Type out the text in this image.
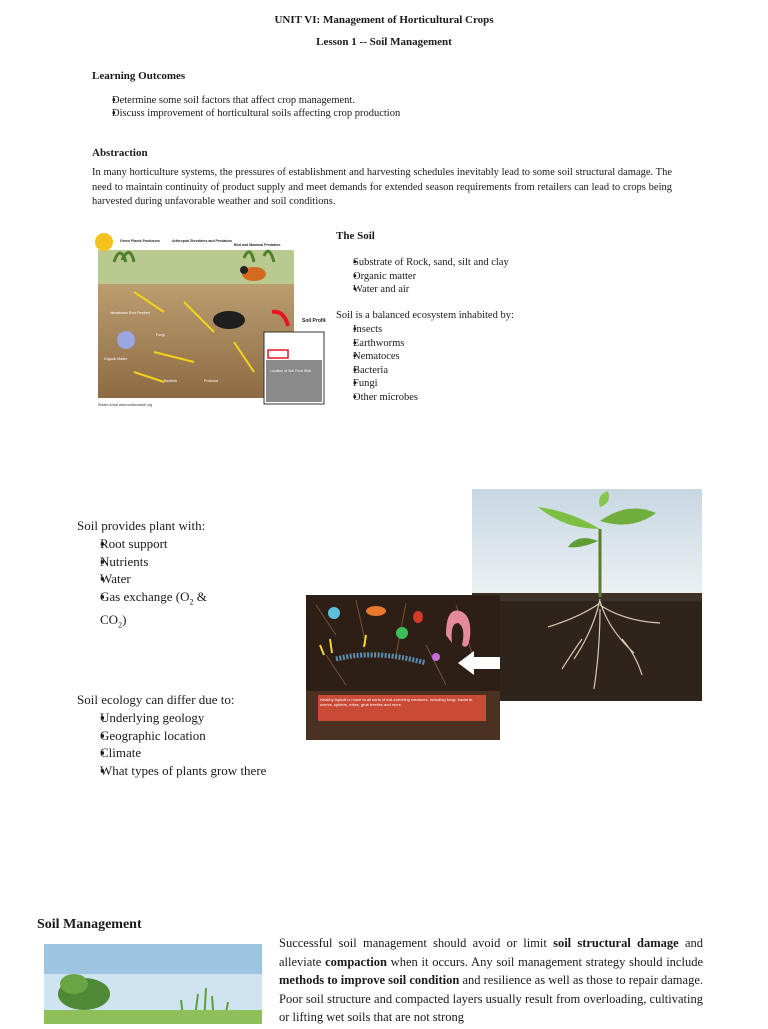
UNIT VI: Management of Horticultural Crops
Lesson 1 -- Soil Management
Learning Outcomes
▪ Determine some soil factors that affect crop management.
▪ Discuss improvement of horticultural soils affecting crop production
Abstraction
In many horticulture systems, the pressures of establishment and harvesting schedules inevitably lead to some soil structural damage. The need to maintain continuity of product supply and meet demands for extended season requirements from retailers can lead to crops being harvested during unfavorable weather and soil conditions.
Green Plants Producers	Arthropod Shredders and Predators
Bird and Mammal Predators
Soil Profile
Location of Soil Food Web
Nematodes Root Feeders
Fungi
Bacteria	Protozoa
Organic Matter
Robert Anval www.soilfoodweb.org
The Soil
▪ Substrate of Rock, sand, silt and clay
▪ Organic matter
▪ Water and air
Soil is a balanced ecosystem inhabited by:
▪ Insects
▪ Earthworms
▪ Nematoces
▪ Bacteria
▪ Fungi
▪ Other microbes
Soil provides plant with:
▪ Root support
▪ Nutrients
▪ Water
▪ Gas exchange ($O_2$ &
$CO_2$)
Healthy topsoil is home to all sorts of soil-enriching creatures, including fungi, bacteria, worms, spiders, mites, grub beetles and more.
Soil ecology can differ due to:
▪ Underlying geology
▪ Geographic location
▪ Climate
▪ What types of plants grow there
Soil Management
Successful soil management should avoid or limit soil structural damage and alleviate compaction when it occurs. Any soil management strategy should include methods to improve soil condition and resilience as well as those to repair damage. Poor soil structure and compacted layers usually result from overloading, cultivating or lifting wet soils that are not strong
